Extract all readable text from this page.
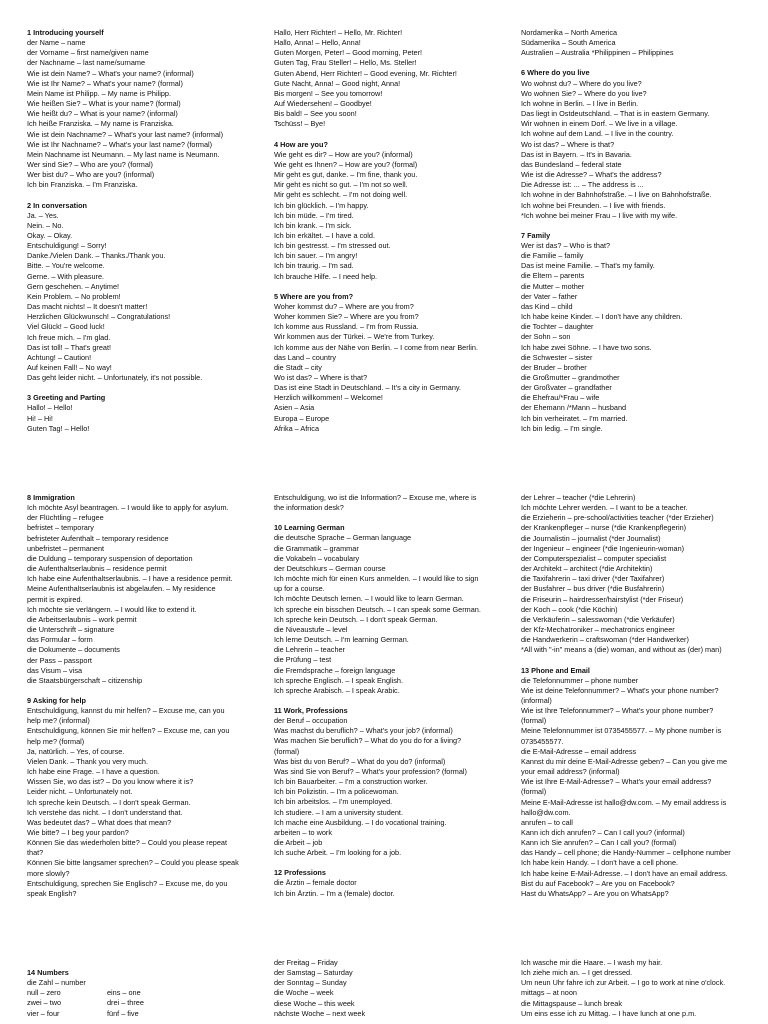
1 Introducing yourself
der Name – name
der Vorname – first name/given name
der Nachname – last name/surname
Wie ist dein Name? – What's your name? (informal)
Wie ist Ihr Name? – What's your name? (formal)
Mein Name ist Philipp. – My name is Philipp.
Wie heißen Sie? – What is your name? (formal)
Wie heißt du? – What is your name? (informal)
Ich heiße Franziska. – My name is Franziska.
Wie ist dein Nachname? – What's your last name? (informal)
Wie ist Ihr Nachname? – What's your last name? (formal)
Mein Nachname ist Neumann. – My last name is Neumann.
Wer sind Sie? – Who are you? (formal)
Wer bist du? – Who are you? (informal)
Ich bin Franziska. – I'm Franziska.
2 In conversation
Ja. – Yes.
Nein. – No.
Okay. – Okay.
Entschuldigung! – Sorry!
Danke./Vielen Dank. – Thanks./Thank you.
Bitte. – You're welcome.
Gerne. – With pleasure.
Gern geschehen. – Anytime!
Kein Problem. – No problem!
Das macht nichts! – It doesn't matter!
Herzlichen Glückwunsch! – Congratulations!
Viel Glück! – Good luck!
Ich freue mich. – I'm glad.
Das ist toll! – That's great!
Achtung! – Caution!
Auf keinen Fall! – No way!
Das geht leider nicht. – Unfortunately, it's not possible.
3 Greeting and Parting
Hallo! – Hello!
Hi! – Hi!
Guten Tag! – Hello!
Hallo, Herr Richter! – Hello, Mr. Richter!
Hallo, Anna! – Hello, Anna!
Guten Morgen, Peter! – Good morning, Peter!
Guten Tag, Frau Steller! – Hello, Ms. Steller!
Guten Abend, Herr Richter! – Good evening, Mr. Richter!
Gute Nacht, Anna! – Good night, Anna!
Bis morgen! – See you tomorrow!
Auf Wiedersehen! – Goodbye!
Bis bald! – See you soon!
Tschüss! – Bye!
4 How are you?
Wie geht es dir? – How are you? (informal)
Wie geht es Ihnen? – How are you? (formal)
Mir geht es gut, danke. – I'm fine, thank you.
Mir geht es nicht so gut. – I'm not so well.
Mir geht es schlecht. – I'm not doing well.
Ich bin glücklich. – I'm happy.
Ich bin müde. – I'm tired.
Ich bin krank. – I'm sick.
Ich bin erkältet. – I have a cold.
Ich bin gestresst. – I'm stressed out.
Ich bin sauer. – I'm angry!
Ich bin traurig. – I'm sad.
Ich brauche Hilfe. – I need help.
5 Where are you from?
Woher kommst du? – Where are you from?
Woher kommen Sie? – Where are you from?
Ich komme aus Russland. – I'm from Russia.
Wir kommen aus der Türkei. – We're from Turkey.
Ich komme aus der Nähe von Berlin. – I come from near Berlin.
das Land – country
die Stadt – city
Wo ist das? – Where is that?
Das ist eine Stadt in Deutschland. – It's a city in Germany.
Herzlich willkommen! – Welcome!
Asien – Asia
Europa – Europe
Afrika – Africa
Nordamerika – North America
Südamerika – South America
Australien – Australia *Philippinen – Philippines
6 Where do you live
Wo wohnst du? – Where do you live?
Wo wohnen Sie? – Where do you live?
Ich wohne in Berlin. – I live in Berlin.
Das liegt in Ostdeutschland. – That is in eastern Germany.
Wir wohnen in einem Dorf. – We live in a village.
Ich wohne auf dem Land. – I live in the country.
Wo ist das? – Where is that?
Das ist in Bayern. – It's in Bavaria.
das Bundesland – federal state
Wie ist die Adresse? – What's the address?
Die Adresse ist: ... – The address is ...
Ich wohne in der Bahnhofstraße. – I live on Bahnhofstraße.
Ich wohne bei Freunden. – I live with friends.
*Ich wohne bei meiner Frau – I live with my wife.
7 Family
Wer ist das? – Who is that?
die Familie – family
Das ist meine Familie. – That's my family.
die Eltern – parents
die Mutter – mother
der Vater – father
das Kind – child
Ich habe keine Kinder. – I don't have any children.
die Tochter – daughter
der Sohn – son
Ich habe zwei Söhne. – I have two sons.
die Schwester – sister
der Bruder – brother
die Großmutter – grandmother
der Großvater – grandfather
die Ehefrau/*Frau – wife
der Ehemann /*Mann – husband
Ich bin verheiratet. – I'm married.
Ich bin ledig. – I'm single.
8 Immigration
Ich möchte Asyl beantragen. – I would like to apply for asylum.
der Flüchtling – refugee
befristet – temporary
befristeter Aufenthalt – temporary residence
unbefristet – permanent
die Duldung – temporary suspension of deportation
die Aufenthaltserlaubnis – residence permit
Ich habe eine Aufenthaltserlaubnis. – I have a residence permit.
Meine Aufenthaltserlaubnis ist abgelaufen. – My residence
permit is expired.
Ich möchte sie verlängern. – I would like to extend it.
die Arbeitserlaubnis – work permit
die Unterschrift – signature
das Formular – form
die Dokumente – documents
der Pass – passport
das Visum – visa
die Staatsbürgerschaft – citizenship
9 Asking for help
Entschuldigung, kannst du mir helfen? – Excuse me, can you
help me? (informal)
Entschuldigung, können Sie mir helfen? – Excuse me, can you
help me? (formal)
Ja, natürlich. – Yes, of course.
Vielen Dank. – Thank you very much.
Ich habe eine Frage. – I have a question.
Wissen Sie, wo das ist? – Do you know where it is?
Leider nicht. – Unfortunately not.
Ich spreche kein Deutsch. – I don't speak German.
Ich verstehe das nicht. – I don't understand that.
Was bedeutet das? – What does that mean?
Wie bitte? – I beg your pardon?
Können Sie das wiederholen bitte? – Could you please repeat
that?
Können Sie bitte langsamer sprechen? – Could you please speak
more slowly?
Entschuldigung, sprechen Sie Englisch? – Excuse me, do you
speak English?
Entschuldigung, wo ist die Information? – Excuse me, where is
the information desk?
10 Learning German
die deutsche Sprache – German language
die Grammatik – grammar
die Vokabeln – vocabulary
der Deutschkurs – German course
Ich möchte mich für einen Kurs anmelden. – I would like to sign
up for a course.
Ich möchte Deutsch lernen. – I would like to learn German.
Ich spreche ein bisschen Deutsch. – I can speak some German.
Ich spreche kein Deutsch. – I don't speak German.
die Niveaustufe – level
Ich lerne Deutsch. – I'm learning German.
die Lehrerin – teacher
die Prüfung – test
die Fremdsprache – foreign language
Ich spreche Englisch. – I speak English.
Ich spreche Arabisch. – I speak Arabic.
11 Work, Professions
der Beruf – occupation
Was machst du beruflich? – What's your job? (informal)
Was machen Sie beruflich? – What do you do for a living?
(formal)
Was bist du von Beruf? – What do you do? (informal)
Was sind Sie von Beruf? – What's your profession? (formal)
Ich bin Bauarbeiter. – I'm a construction worker.
Ich bin Polizistin. – I'm a policewoman.
Ich bin arbeitslos. – I'm unemployed.
Ich studiere. – I am a university student.
Ich mache eine Ausbildung. – I do vocational training.
arbeiten – to work
die Arbeit – job
Ich suche Arbeit. – I'm looking for a job.
12 Professions
die Ärztin – female doctor
Ich bin Ärztin. – I'm a (female) doctor.
der Lehrer – teacher (*die Lehrerin)
Ich möchte Lehrer werden. – I want to be a teacher.
die Erzieherin – pre-school/activities teacher (*der Erzieher)
der Krankenpfleger – nurse (*die Krankenpflegerin)
die Journalistin – journalist (*der Journalist)
der Ingenieur – engineer (*die Ingenieurin-woman)
der Computerspezialist – computer specialist
der Architekt – architect (*die Architektin)
die Taxifahrerin – taxi driver (*der Taxifahrer)
der Busfahrer – bus driver (*die Busfahrerin)
die Friseurin – hairdresser/hairstylist (*der Friseur)
der Koch – cook (*die Köchin)
die Verkäuferin – salesswoman (*die Verkäufer)
der Kfz-Mechatroniker – mechatronics engineer
die Handwerkerin – craftswoman (*der Handwerker)
*All with "-in" means a (die) woman, and without as (der) man)
13 Phone and Email
die Telefonnummer – phone number
Wie ist deine Telefonnummer? – What's your phone number?
(informal)
Wie ist Ihre Telefonnummer? – What's your phone number?
(formal)
Meine Telefonnummer ist 0735455577. – My phone number is
0735455577.
die E-Mail-Adresse – email address
Kannst du mir deine E-Mail-Adresse geben? – Can you give me
your email address? (informal)
Wie ist Ihre E-Mail-Adresse? – What's your email address?
(formal)
Meine E-Mail-Adresse ist hallo@dw.com. – My email address is
hallo@dw.com.
anrufen – to call
Kann ich dich anrufen? – Can I call you? (informal)
Kann ich Sie anrufen? – Can I call you? (formal)
das Handy – cell phone; die Handy-Nummer – cellphone number
Ich habe kein Handy. – I don't have a cell phone.
Ich habe keine E-Mail-Adresse. – I don't have an email address.
Bist du auf Facebook? – Are you on Facebook?
Hast du WhatsApp? – Are you on WhatsApp?
14 Numbers
die Zahl – number
null – zero	eins – one
zwei – two	drei – three
vier – four	fünf – five
der Freitag – Friday
der Samstag – Saturday
der Sonntag – Sunday
die Woche – week
diese Woche – this week
nächste Woche – next week
Ich wasche mir die Haare. – I wash my hair.
Ich ziehe mich an. – I get dressed.
Um neun Uhr fahre ich zur Arbeit. – I go to work at nine o'clock.
mittags – at noon
die Mittagspause – lunch break
Um eins esse ich zu Mittag. – I have lunch at one p.m.
